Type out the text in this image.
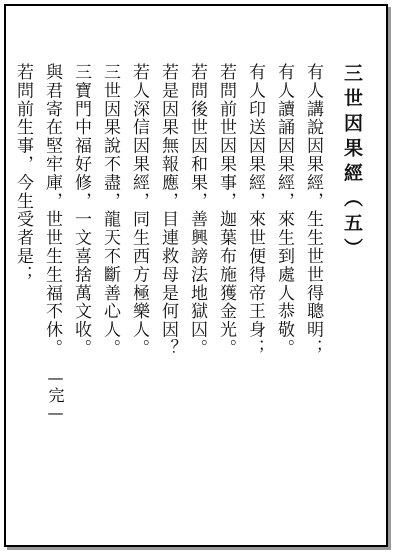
三世因果經（五）
有人講說因果經，生生世世得聰明；
有人讀誦因果經，來生到處人恭敬。
有人印送因果經，來世便得帝王身；
若問前世因果事，迦葉布施獲金光。
若問後世因和果，善興謗法地獄囚。
若是因果無報應，目連救母是何因？
若人深信因果經，同生西方極樂人。
三世因果說不盡，龍天不斷善心人。
三寶門中福好修，一文喜捨萬文收。
與君寄在堅牢庫，世世生生福不休。
若問前生事，今生受者是；
—完—
